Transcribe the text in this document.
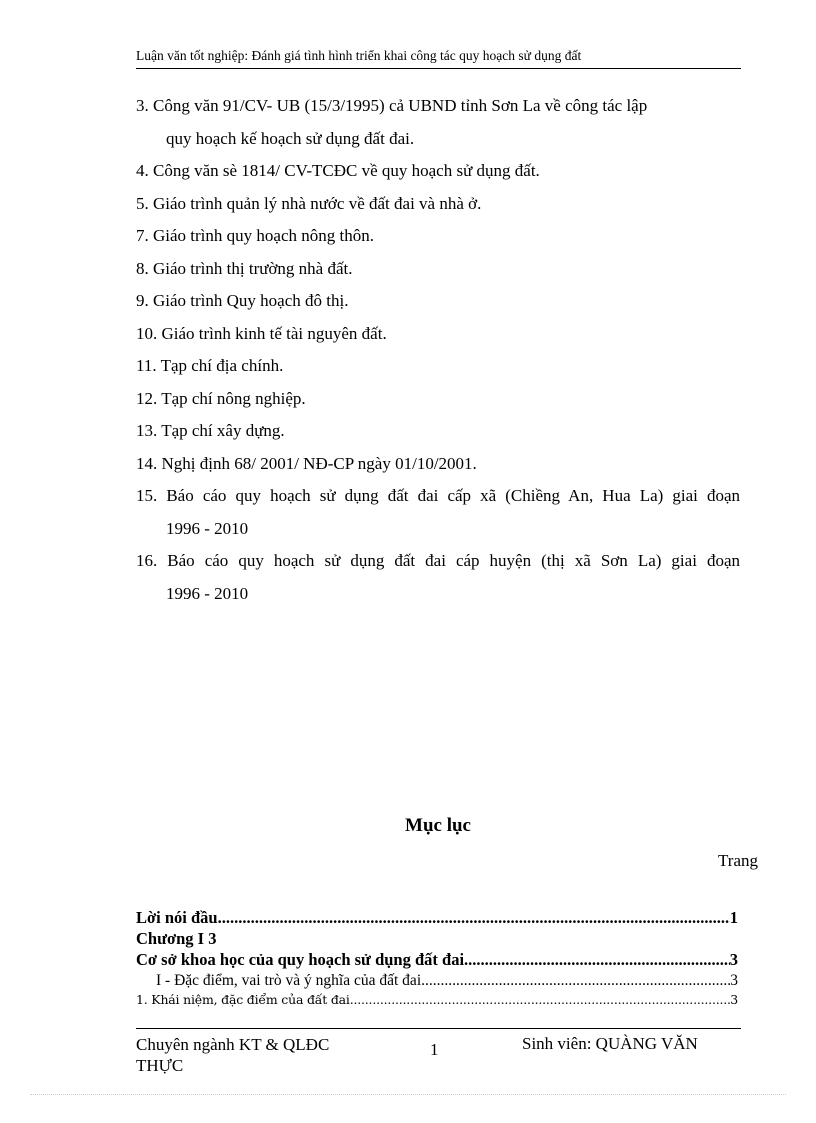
Luận văn tốt nghiệp: Đánh giá tình hình triển khai công tác quy hoạch sử dụng đất
3. Công văn 91/CV- UB (15/3/1995) cả UBND tỉnh Sơn La về công tác lập
quy hoạch kế hoạch sử dụng đất đai.
4. Công văn sè 1814/ CV-TCĐC về quy hoạch sử dụng đất.
5. Giáo trình quản lý nhà nước về đất đai và nhà ở.
7. Giáo trình quy hoạch nông thôn.
8. Giáo trình thị trường nhà đất.
9. Giáo trình Quy hoạch đô thị.
10. Giáo trình kinh tế tài nguyên đất.
11. Tạp chí địa chính.
12. Tạp chí nông nghiệp.
13. Tạp chí xây dựng.
14. Nghị định 68/ 2001/ NĐ-CP ngày 01/10/2001.
15. Báo cáo quy hoạch sử dụng đất đai cấp xã (Chiềng An, Hua La) giai đoạn
1996 - 2010
16. Báo cáo quy hoạch sử dụng đất đai cáp huyện (thị xã Sơn La) giai đoạn
1996 - 2010
Mục lục
Trang
Lời nói đầu .....	1
Chương I 3
Cơ sở khoa học của quy hoạch sử dụng đất đai .....	3
I - Đặc điểm, vai trò và ý nghĩa của đất đai. .....	3
1. Khái niệm, đặc điểm của đất đai. .....	3
Chuyên ngành KT & QLĐC
THỰC
1	Sinh viên: QUÀNG VĂN
